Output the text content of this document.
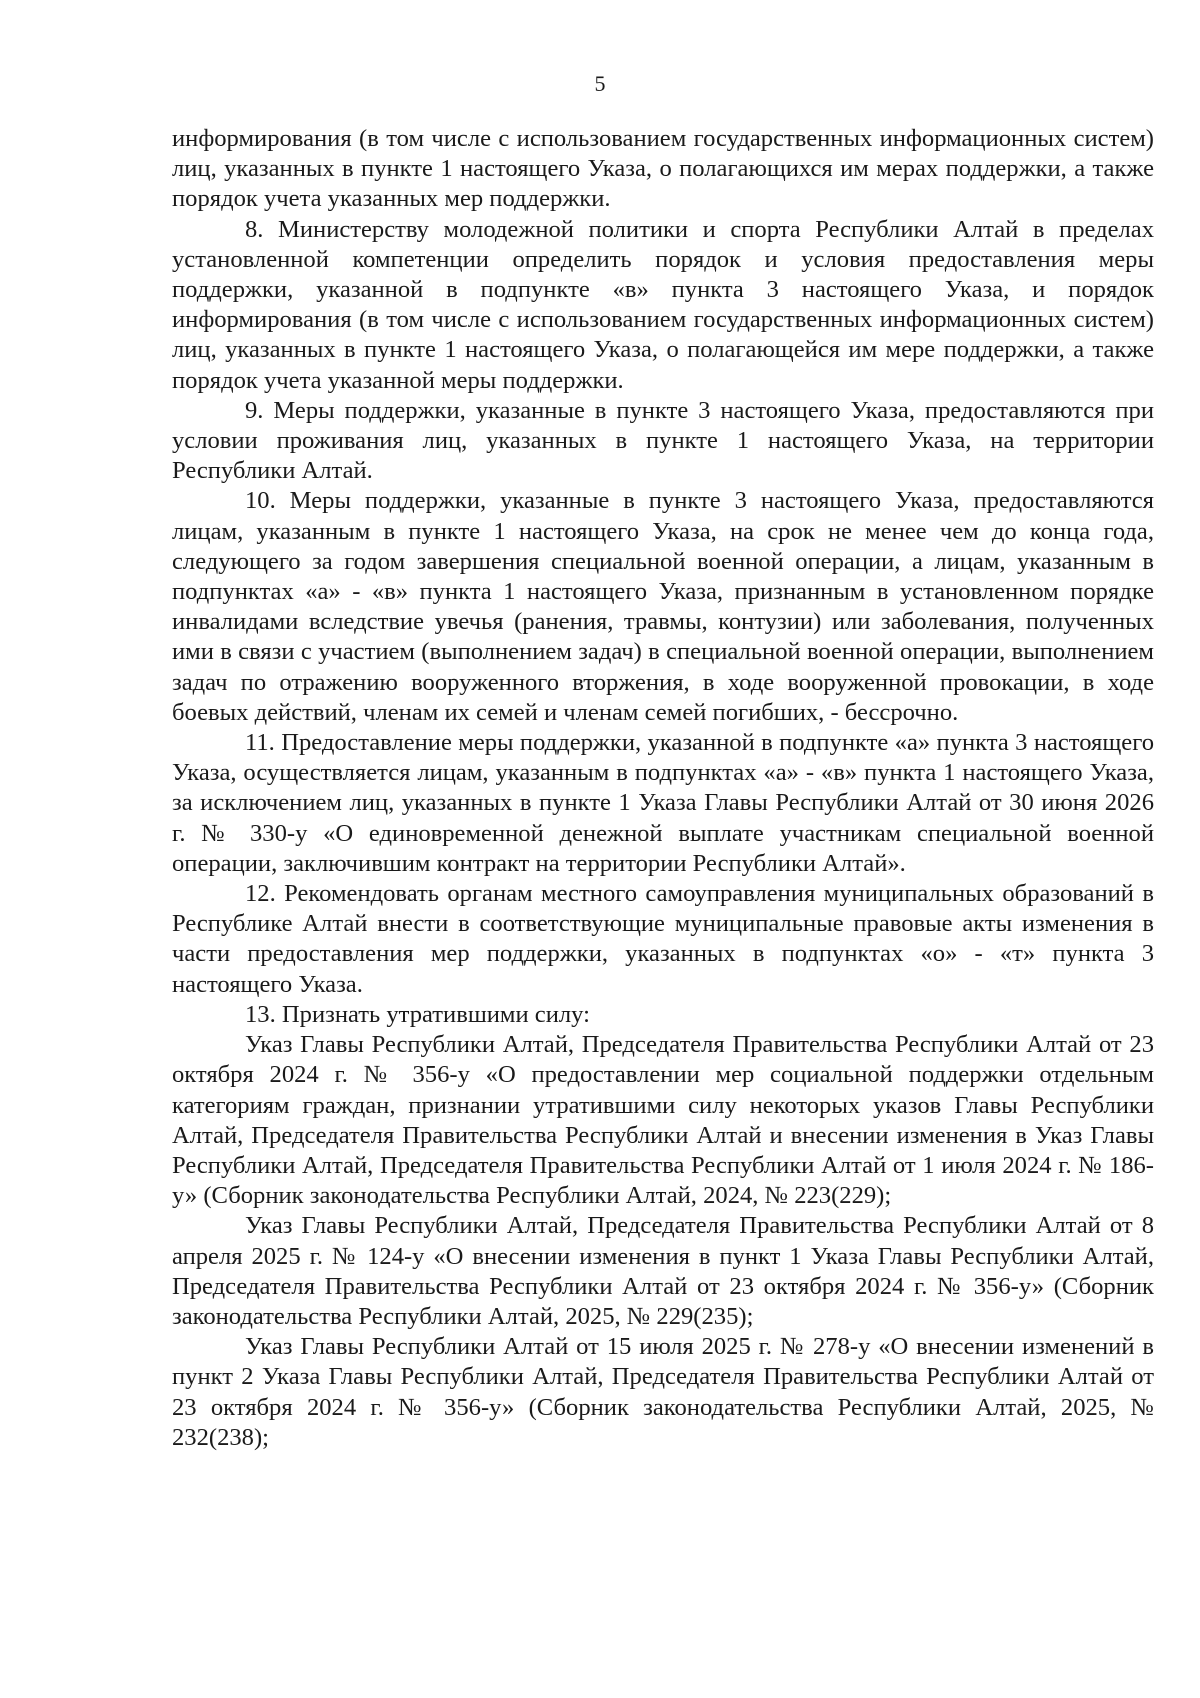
5

информирования (в том числе с использованием государственных информационных систем) лиц, указанных в пункте 1 настоящего Указа, о полагающихся им мерах поддержки, а также порядок учета указанных мер поддержки.

8. Министерству молодежной политики и спорта Республики Алтай в пределах установленной компетенции определить порядок и условия предоставления меры поддержки, указанной в подпункте «в» пункта 3 настоящего Указа, и порядок информирования (в том числе с использованием государственных информационных систем) лиц, указанных в пункте 1 настоящего Указа, о полагающейся им мере поддержки, а также порядок учета указанной меры поддержки.

9. Меры поддержки, указанные в пункте 3 настоящего Указа, предоставляются при условии проживания лиц, указанных в пункте 1 настоящего Указа, на территории Республики Алтай.

10. Меры поддержки, указанные в пункте 3 настоящего Указа, предоставляются лицам, указанным в пункте 1 настоящего Указа, на срок не менее чем до конца года, следующего за годом завершения специальной военной операции, а лицам, указанным в подпунктах «а» - «в» пункта 1 настоящего Указа, признанным в установленном порядке инвалидами вследствие увечья (ранения, травмы, контузии) или заболевания, полученных ими в связи с участием (выполнением задач) в специальной военной операции, выполнением задач по отражению вооруженного вторжения, в ходе вооруженной провокации, в ходе боевых действий, членам их семей и членам семей погибших, - бессрочно.

11. Предоставление меры поддержки, указанной в подпункте «а» пункта 3 настоящего Указа, осуществляется лицам, указанным в подпунктах «а» - «в» пункта 1 настоящего Указа, за исключением лиц, указанных в пункте 1 Указа Главы Республики Алтай от 30 июня 2026 г. № 330-у «О единовременной денежной выплате участникам специальной военной операции, заключившим контракт на территории Республики Алтай».

12. Рекомендовать органам местного самоуправления муниципальных образований в Республике Алтай внести в соответствующие муниципальные правовые акты изменения в части предоставления мер поддержки, указанных в подпунктах «о» - «т» пункта 3 настоящего Указа.

13. Признать утратившими силу:

Указ Главы Республики Алтай, Председателя Правительства Республики Алтай от 23 октября 2024 г. № 356-у «О предоставлении мер социальной поддержки отдельным категориям граждан, признании утратившими силу некоторых указов Главы Республики Алтай, Председателя Правительства Республики Алтай и внесении изменения в Указ Главы Республики Алтай, Председателя Правительства Республики Алтай от 1 июля 2024 г. № 186-у» (Сборник законодательства Республики Алтай, 2024, № 223(229);

Указ Главы Республики Алтай, Председателя Правительства Республики Алтай от 8 апреля 2025 г. № 124-у «О внесении изменения в пункт 1 Указа Главы Республики Алтай, Председателя Правительства Республики Алтай от 23 октября 2024 г. № 356-у» (Сборник законодательства Республики Алтай, 2025, № 229(235);

Указ Главы Республики Алтай от 15 июля 2025 г. № 278-у «О внесении изменений в пункт 2 Указа Главы Республики Алтай, Председателя Правительства Республики Алтай от 23 октября 2024 г. № 356-у» (Сборник законодательства Республики Алтай, 2025, № 232(238);
